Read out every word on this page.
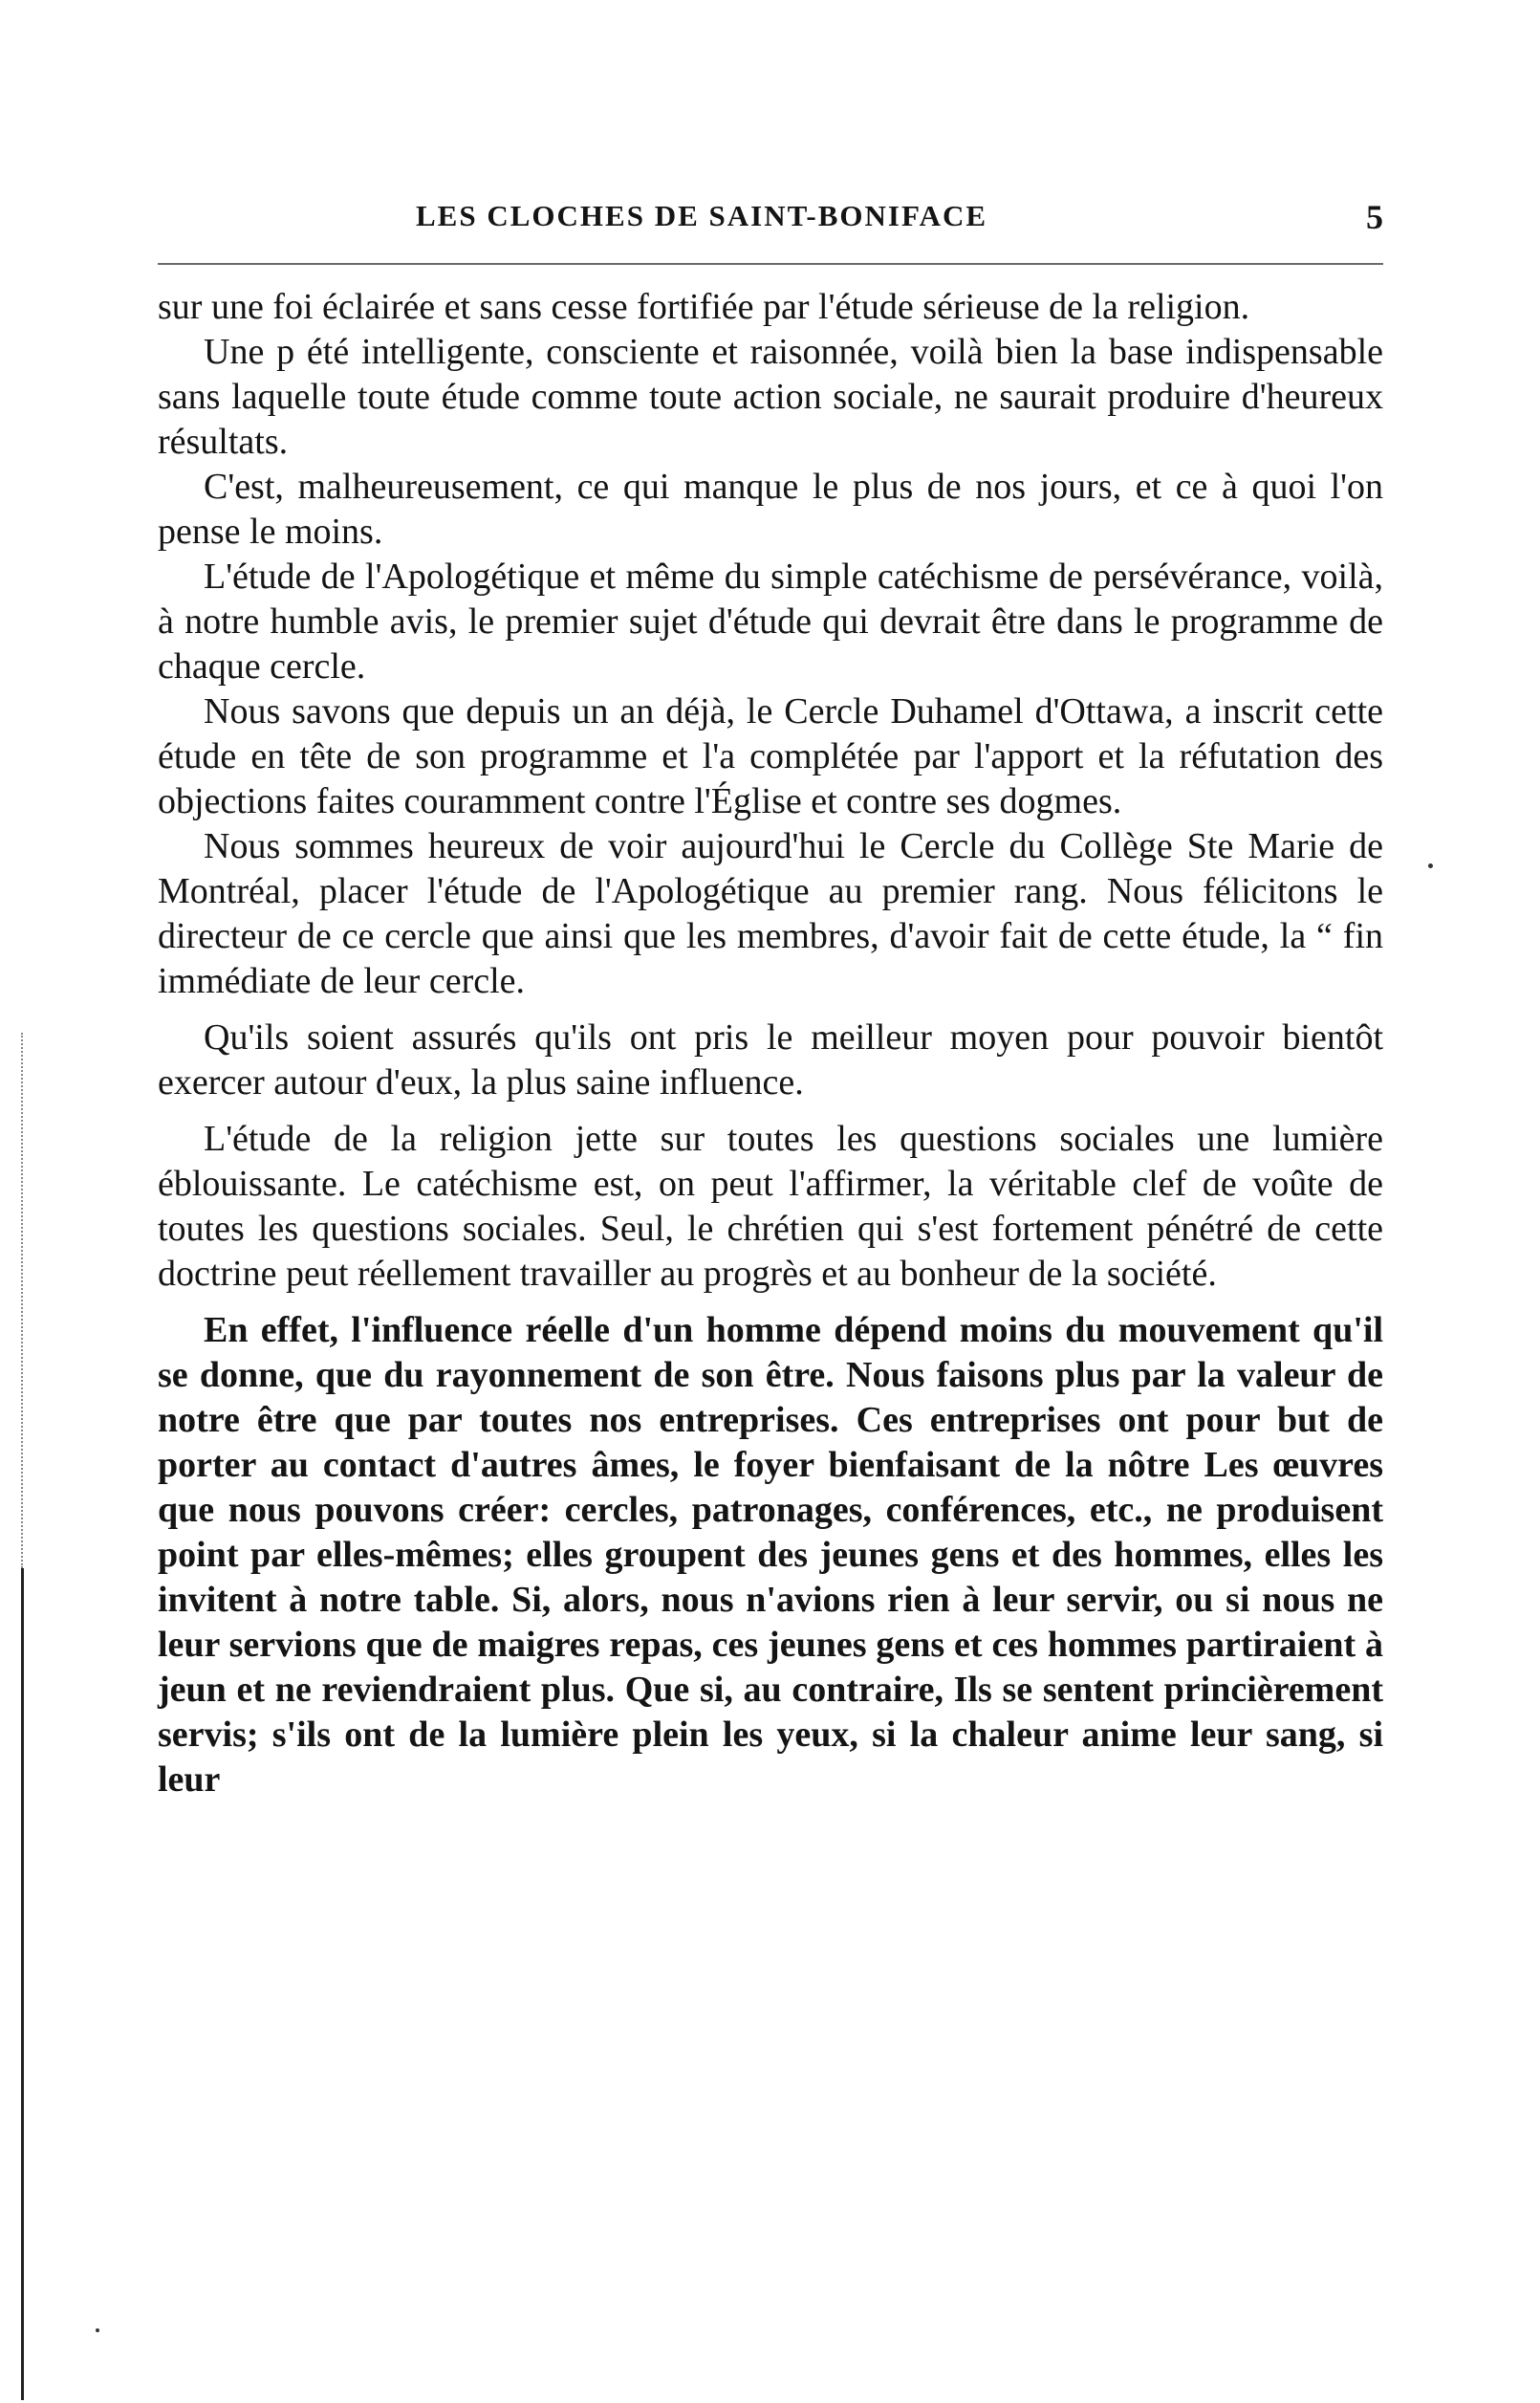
LES CLOCHES DE SAINT-BONIFACE	5

sur une foi éclairée et sans cesse fortifiée par l'étude sérieuse de la religion.

Une p été intelligente, consciente et raisonnée, voilà bien la base indispensable sans laquelle toute étude comme toute action sociale, ne saurait produire d'heureux résultats.

C'est, malheureusement, ce qui manque le plus de nos jours, et ce à quoi l'on pense le moins.

L'étude de l'Apologétique et même du simple catéchisme de persévérance, voilà, à notre humble avis, le premier sujet d'étude qui devrait être dans le programme de chaque cercle.

Nous savons que depuis un an déjà, le Cercle Duhamel d'Ottawa, a inscrit cette étude en tête de son programme et l'a complétée par l'apport et la réfutation des objections faites couramment contre l'Église et contre ses dogmes.

Nous sommes heureux de voir aujourd'hui le Cercle du Collège Ste Marie de Montréal, placer l'étude de l'Apologétique au premier rang. Nous félicitons le directeur de ce cercle que ainsi que les membres, d'avoir fait de cette étude, la “ fin immédiate de leur cercle.

Qu'ils soient assurés qu'ils ont pris le meilleur moyen pour pouvoir bientôt exercer autour d'eux, la plus saine influence.

L'étude de la religion jette sur toutes les questions sociales une lumière éblouissante. Le catéchisme est, on peut l'affirmer, la véritable clef de voûte de toutes les questions sociales. Seul, le chrétien qui s'est fortement pénétré de cette doctrine peut réellement travailler au progrès et au bonheur de la société.

En effet, l'influence réelle d'un homme dépend moins du mouvement qu'il se donne, que du rayonnement de son être. Nous faisons plus par la valeur de notre être que par toutes nos entreprises. Ces entreprises ont pour but de porter au contact d'autres âmes, le foyer bienfaisant de la nôtre Les œuvres que nous pouvons créer: cercles, patronages, conférences, etc., ne produisent point par elles-mêmes; elles groupent des jeunes gens et des hommes, elles les invitent à notre table. Si, alors, nous n'avions rien à leur servir, ou si nous ne leur servions que de maigres repas, ces jeunes gens et ces hommes partiraient à jeun et ne reviendraient plus. Que si, au contraire, Ils se sentent princièrement servis; s'ils ont de la lumière plein les yeux, si la chaleur anime leur sang, si leur
